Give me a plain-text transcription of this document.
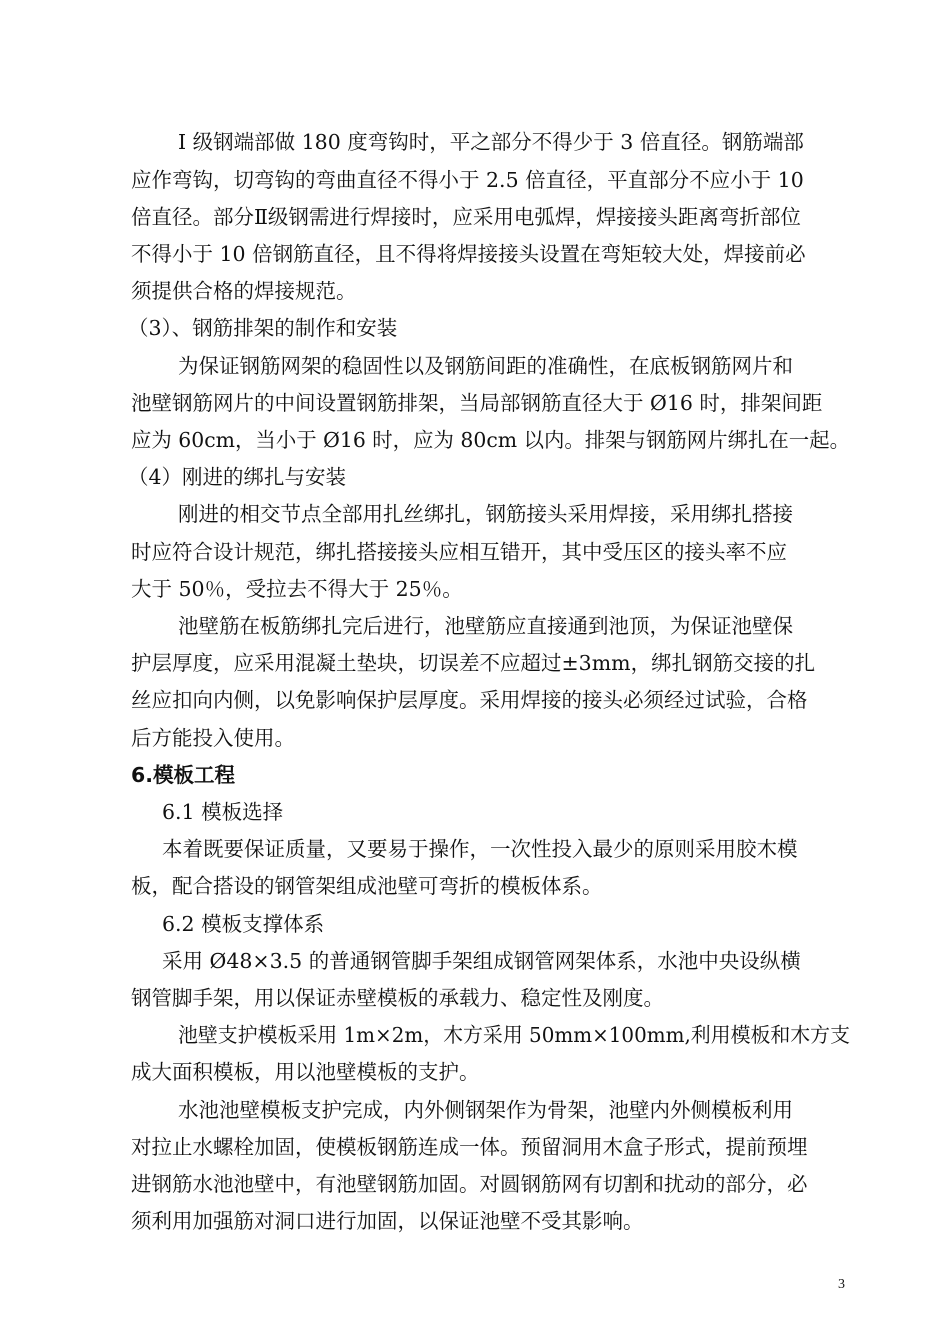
Ⅰ 级钢端部做 180 度弯钩时，平之部分不得少于 3 倍直径。钢筋端部
应作弯钩，切弯钩的弯曲直径不得小于 2.5 倍直径，平直部分不应小于 10
倍直径。部分Ⅱ级钢需进行焊接时，应采用电弧焊，焊接接头距离弯折部位
不得小于 10 倍钢筋直径，且不得将焊接接头设置在弯矩较大处，焊接前必
须提供合格的焊接规范。
（3）、钢筋排架的制作和安装
为保证钢筋网架的稳固性以及钢筋间距的准确性，在底板钢筋网片和
池壁钢筋网片的中间设置钢筋排架，当局部钢筋直径大于 Ø16 时，排架间距
应为 60cm，当小于 Ø16 时，应为 80cm 以内。排架与钢筋网片绑扎在一起。
（4）刚进的绑扎与安装
刚进的相交节点全部用扎丝绑扎，钢筋接头采用焊接，采用绑扎搭接
时应符合设计规范，绑扎搭接接头应相互错开，其中受压区的接头率不应
大于 50％，受拉去不得大于 25％。
池壁筋在板筋绑扎完后进行，池壁筋应直接通到池顶，为保证池壁保
护层厚度，应采用混凝土垫块，切误差不应超过±3mm，绑扎钢筋交接的扎
丝应扣向内侧，以免影响保护层厚度。采用焊接的接头必须经过试验，合格
后方能投入使用。
6.模板工程
6.1 模板选择
本着既要保证质量，又要易于操作，一次性投入最少的原则采用胶木模
板，配合搭设的钢管架组成池壁可弯折的模板体系。
6.2 模板支撑体系
采用 Ø48×3.5 的普通钢管脚手架组成钢管网架体系，水池中央设纵横
钢管脚手架，用以保证赤壁模板的承载力、稳定性及刚度。
池壁支护模板采用 1m×2m，木方采用 50mm×100mm,利用模板和木方支
成大面积模板，用以池壁模板的支护。
水池池壁模板支护完成，内外侧钢架作为骨架，池壁内外侧模板利用
对拉止水螺栓加固，使模板钢筋连成一体。预留洞用木盒子形式，提前预埋
进钢筋水池池壁中，有池壁钢筋加固。对圆钢筋网有切割和扰动的部分，必
须利用加强筋对洞口进行加固，以保证池壁不受其影响。
3
